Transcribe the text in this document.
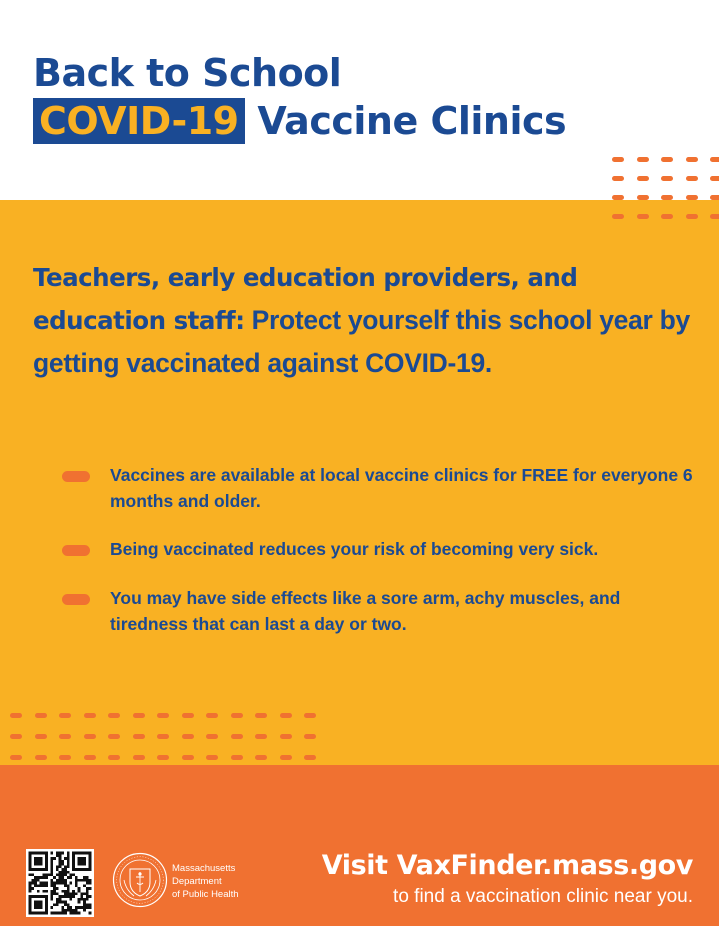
Back to School
COVID-19 Vaccine Clinics
Teachers, early education providers, and education staff: Protect yourself this school year by getting vaccinated against COVID-19.
Vaccines are available at local vaccine clinics for FREE for everyone 6 months and older.
Being vaccinated reduces your risk of becoming very sick.
You may have side effects like a sore arm, achy muscles, and tiredness that can last a day or two.
Massachusetts
Department
of Public Health
Visit VaxFinder.mass.gov
to find a vaccination clinic near you.
